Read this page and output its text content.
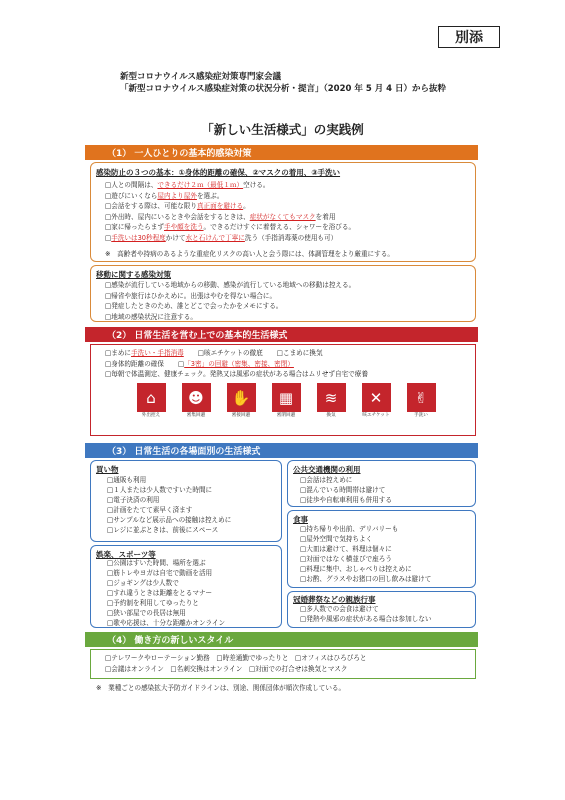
別添
新型コロナウイルス感染症対策専門家会議
「新型コロナウイルス感染症対策の状況分析・提言」（2020 年 5 月 4 日）から抜粋
「新しい生活様式」の実践例
（1） 一人ひとりの基本的感染対策
感染防止の３つの基本：①身体的距離の確保、②マスクの着用、③手洗い
□人との間隔は、できるだけ２ｍ（最低１ｍ）空ける。
□遊びにいくなら屋内より屋外を選ぶ。
□会話をする際は、可能な限り真正面を避ける。
□外出時、屋内にいるときや会話をするときは、症状がなくてもマスクを着用
□家に帰ったらまず手や顔を洗う。できるだけすぐに着替える、シャワーを浴びる。
□手洗いは30秒程度かけて水と石けんで丁寧に洗う（手指消毒薬の使用も可）
※　高齢者や持病のあるような重症化リスクの高い人と会う際には、体調管理をより厳重にする。
移動に関する感染対策
□感染が流行している地域からの移動、感染が流行している地域への移動は控える。
□帰省や旅行はひかえめに。出張はやむを得ない場合に。
□発症したときのため、誰とどこで会ったかをメモにする。
□地域の感染状況に注意する。
（2） 日常生活を営む上での基本的生活様式
□まめに手洗い・手指消毒 □咳エチケットの徹底 □こまめに換気
□身体的距離の確保 □「3密」の回避（密集、密接、密閉）
□毎朝で体温測定、健康チェック。発熱又は風邪の症状がある場合はムリせず自宅で療養
⌂
外出控え
☻
密集回避
✋
密接回避
▦
密閉回避
≋
換気
✕
咳エチケット
✌
手洗い
（3） 日常生活の各場面別の生活様式
買い物
□通販も利用
□１人または少人数ですいた時間に
□電子決済の利用
□計画をたてて素早く済ます
□サンプルなど展示品への接触は控えめに
□レジに並ぶときは、前後にスペース
娯楽、スポーツ等
□公園はすいた時間、場所を選ぶ
□筋トレやヨガは自宅で動画を活用
□ジョギングは少人数で
□すれ違うときは距離をとるマナー
□予約制を利用してゆったりと
□狭い部屋での長居は無用
□歌や応援は、十分な距離かオンライン
公共交通機関の利用
□会話は控えめに
□混んでいる時間帯は避けて
□徒歩や自転車利用も併用する
食事
□持ち帰りや出前、デリバリーも
□屋外空間で気持ちよく
□大皿は避けて、料理は個々に
□対面ではなく横並びで座ろう
□料理に集中、おしゃべりは控えめに
□お酌、グラスやお猪口の回し飲みは避けて
冠婚葬祭などの親族行事
□多人数での会食は避けて
□発熱や風邪の症状がある場合は参加しない
（4） 働き方の新しいスタイル
□テレワークやローテーション勤務　□時差通勤でゆったりと　□オフィスはひろびろと
□会議はオンライン　□名刺交換はオンライン　□対面での打合せは換気とマスク
※　業種ごとの感染拡大予防ガイドラインは、別途、関係団体が順次作成している。
